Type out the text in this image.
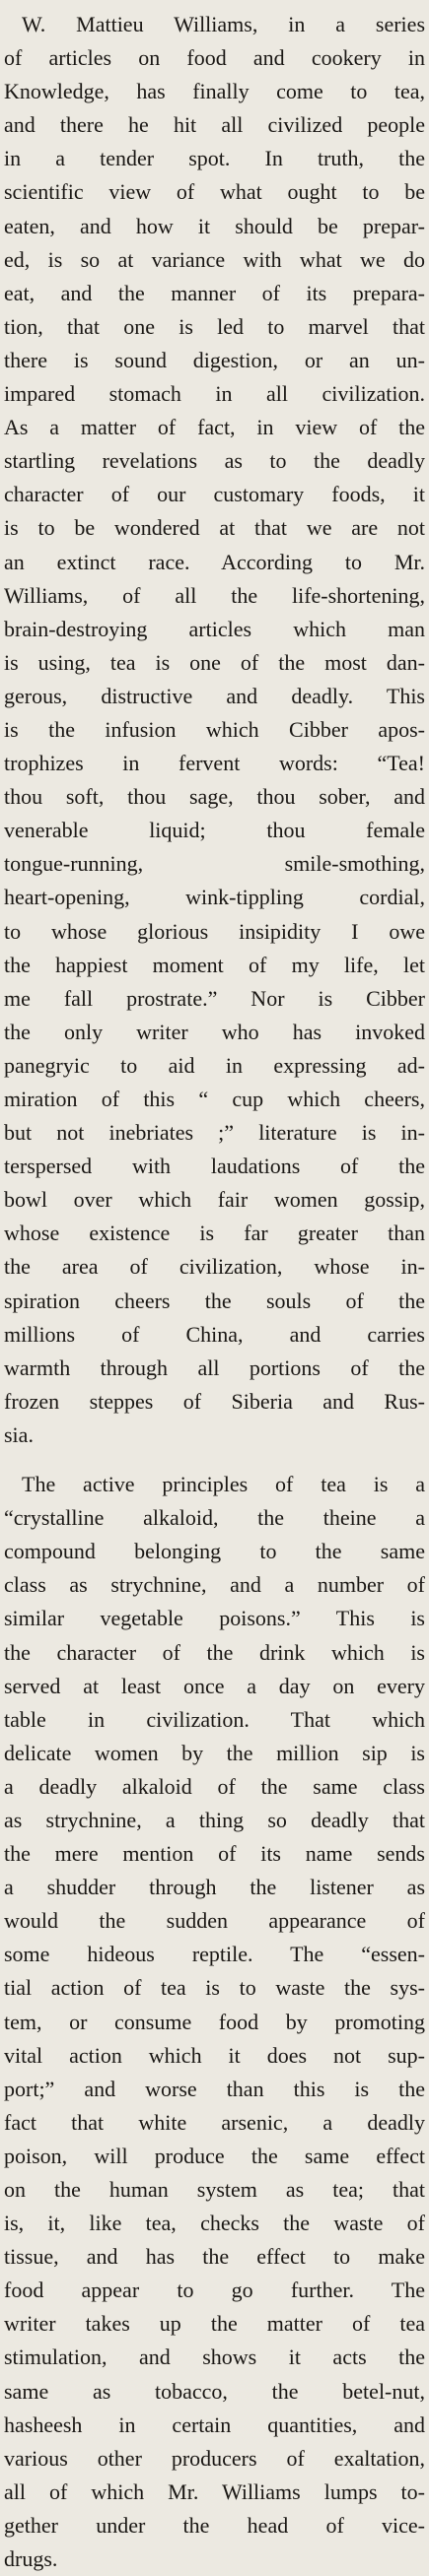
W. Mattieu Williams, in a series
of articles on food and cookery in
Knowledge, has finally come to tea,
and there he hit all civilized people
in a tender spot. In truth, the
scientific view of what ought to be
eaten, and how it should be prepar-
ed, is so at variance with what we do
eat, and the manner of its prepara-
tion, that one is led to marvel that
there is sound digestion, or an un-
impared stomach in all civilization.
As a matter of fact, in view of the
startling revelations as to the deadly
character of our customary foods, it
is to be wondered at that we are not
an extinct race. According to Mr.
Williams, of all the life-shortening,
brain-destroying articles which man
is using, tea is one of the most dan-
gerous, distructive and deadly. This
is the infusion which Cibber apos-
trophizes in fervent words: “Tea!
thou soft, thou sage, thou sober, and
venerable liquid; thou female
tongue-running, smile-smothing,
heart-opening, wink-tippling cordial,
to whose glorious insipidity I owe
the happiest moment of my life, let
me fall prostrate.” Nor is Cibber
the only writer who has invoked
panegryic to aid in expressing ad-
miration of this “ cup which cheers,
but not inebriates ;” literature is in-
terspersed with laudations of the
bowl over which fair women gossip,
whose existence is far greater than
the area of civilization, whose in-
spiration cheers the souls of the
millions of China, and carries
warmth through all portions of the
frozen steppes of Siberia and Rus-
sia.

The active principles of tea is a
“crystalline alkaloid, the theine a
compound belonging to the same
class as strychnine, and a number of
similar vegetable poisons.” This is
the character of the drink which is
served at least once a day on every
table in civilization. That which
delicate women by the million sip is
a deadly alkaloid of the same class
as strychnine, a thing so deadly that
the mere mention of its name sends
a shudder through the listener as
would the sudden appearance of
some hideous reptile. The “essen-
tial action of tea is to waste the sys-
tem, or consume food by promoting
vital action which it does not sup-
port;” and worse than this is the
fact that white arsenic, a deadly
poison, will produce the same effect
on the human system as tea; that
is, it, like tea, checks the waste of
tissue, and has the effect to make
food appear to go further. The
writer takes up the matter of tea
stimulation, and shows it acts the
same as tobacco, the betel-nut,
hasheesh in certain quantities, and
various other producers of exaltation,
all of which Mr. Williams lumps to-
gether under the head of vice-
drugs.
